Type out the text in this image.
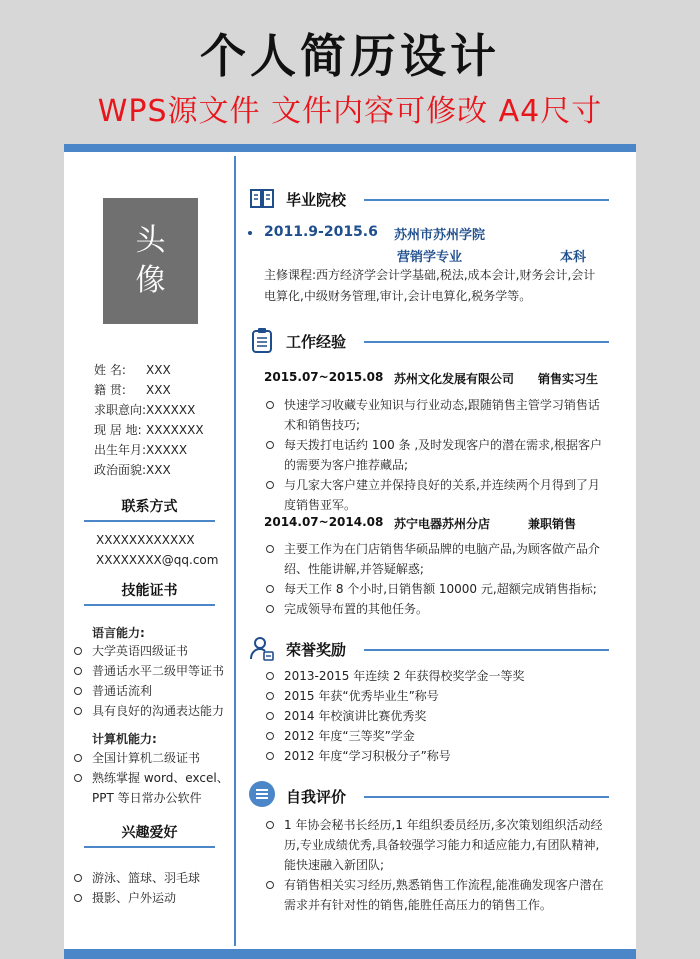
个人简历设计
WPS源文件 文件内容可修改 A4尺寸
头
像
姓 名: XXX
籍 贯: XXX
求职意向:XXXXXX
现 居 地: XXXXXXX
出生年月:XXXXX
政治面貌:XXX
联系方式
XXXXXXXXXXXX
XXXXXXXX@qq.com
技能证书
语言能力:
大学英语四级证书
普通话水平二级甲等证书
普通话流利
具有良好的沟通表达能力
计算机能力:
全国计算机二级证书
熟练掌握 word、excel、
PPT 等日常办公软件
兴趣爱好
游泳、篮球、羽毛球
摄影、户外运动
毕业院校
2011.9-2015.6 苏州市苏州学院
营销学专业	本科
主修课程:西方经济学会计学基础,税法,成本会计,财务会计,会计电算化,中级财务管理,审计,会计电算化,税务学等。
工作经验
2015.07~2015.08 苏州文化发展有限公司 销售实习生
快速学习收藏专业知识与行业动态,跟随销售主管学习销售话术和销售技巧;
每天拨打电话约 100 条 ,及时发现客户的潜在需求,根据客户的需要为客户推荐藏品;
与几家大客户建立并保持良好的关系,并连续两个月得到了月度销售亚军。
2014.07~2014.08 苏宁电器苏州分店	兼职销售
主要工作为在门店销售华硕品牌的电脑产品,为顾客做产品介绍、性能讲解,并答疑解惑;
每天工作 8 个小时,日销售额 10000 元,超额完成销售指标;
完成领导布置的其他任务。
荣誉奖励
2013-2015 年连续 2 年获得校奖学金一等奖
2015 年获“优秀毕业生”称号
2014 年校演讲比赛优秀奖
2012 年度“三等奖”学金
2012 年度“学习积极分子”称号
自我评价
1 年协会秘书长经历,1 年组织委员经历,多次策划组织活动经历,专业成绩优秀,具备较强学习能力和适应能力,有团队精神,能快速融入新团队;
有销售相关实习经历,熟悉销售工作流程,能准确发现客户潜在需求并有针对性的销售,能胜任高压力的销售工作。
